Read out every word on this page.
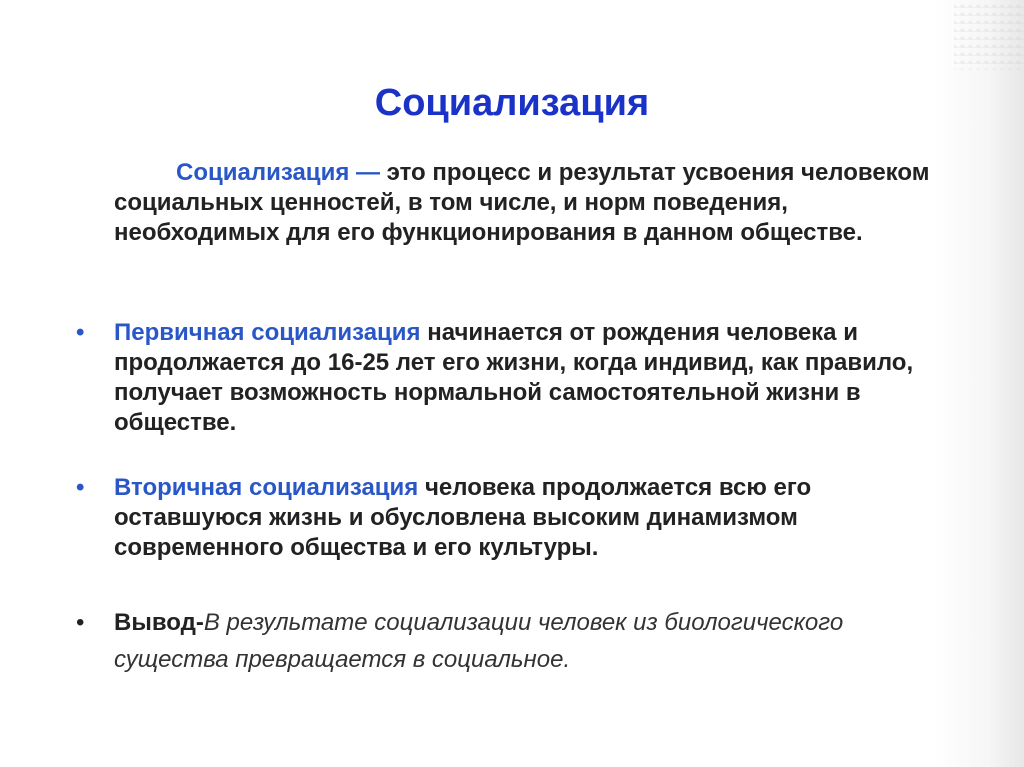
Социализация
Социализация — это процесс и результат усвоения человеком социальных ценностей, в том числе, и норм поведения, необходимых для его функционирования в данном обществе.
• Первичная социализация начинается от рождения человека и продолжается до 16-25 лет его жизни, когда индивид, как правило, получает возможность нормальной самостоятельной жизни в обществе.
• Вторичная социализация человека продолжается всю его оставшуюся жизнь и обусловлена высоким динамизмом современного общества и его культуры.
• Вывод-В результате социализации человек из биологического существа превращается в социальное.
